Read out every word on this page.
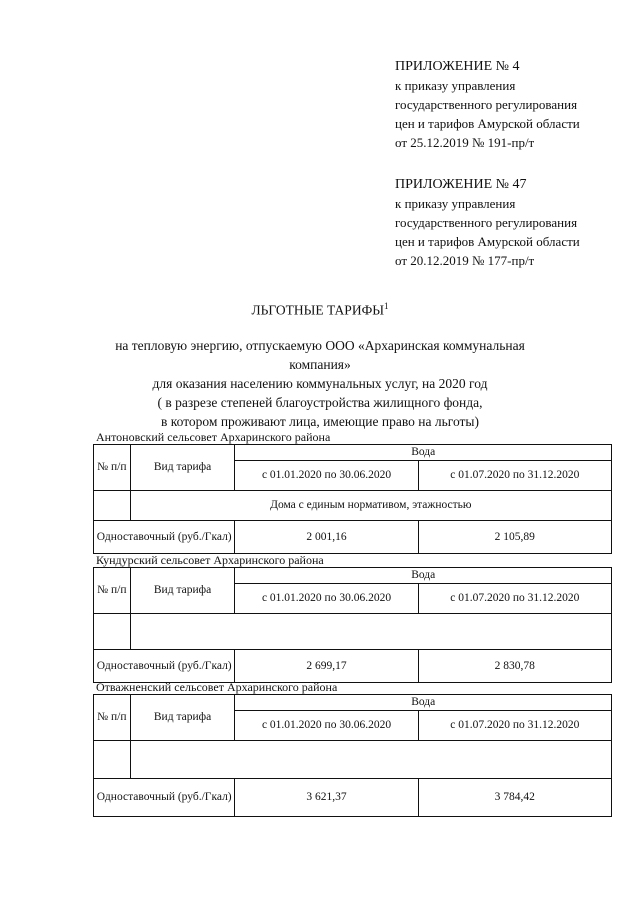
ПРИЛОЖЕНИЕ № 4
к приказу управления
государственного регулирования
цен и тарифов Амурской области
от 25.12.2019 № 191-пр/т
ПРИЛОЖЕНИЕ № 47
к приказу управления
государственного регулирования
цен и тарифов Амурской области
от 20.12.2019 № 177-пр/т
ЛЬГОТНЫЕ ТАРИФЫ$^1$
на тепловую энергию, отпускаемую ООО «Архаринская коммунальная
компания»
для оказания населению коммунальных услуг, на 2020 год
( в разрезе степеней благоустройства жилищного фонда,
в котором проживают лица, имеющие право на льготы)
Антоновский сельсовет Архаринского района
№ п/п	Вид тарифа	Вода	
		с 01.01.2020 по 30.06.2020	с 01.07.2020 по 31.12.2020
	Дома с единым нормативом, этажностью		
Одноставочный (руб./Гкал)		2 001,16	2 105,89
Кундурский сельсовет Архаринского района
№ п/п	Вид тарифа	Вода	
		с 01.01.2020 по 30.06.2020	с 01.07.2020 по 31.12.2020

Одноставочный (руб./Гкал)		2 699,17	2 830,78
Отважненский сельсовет Архаринского района
№ п/п	Вид тарифа	Вода	
		с 01.01.2020 по 30.06.2020	с 01.07.2020 по 31.12.2020

Одноставочный (руб./Гкал)		3 621,37	3 784,42
